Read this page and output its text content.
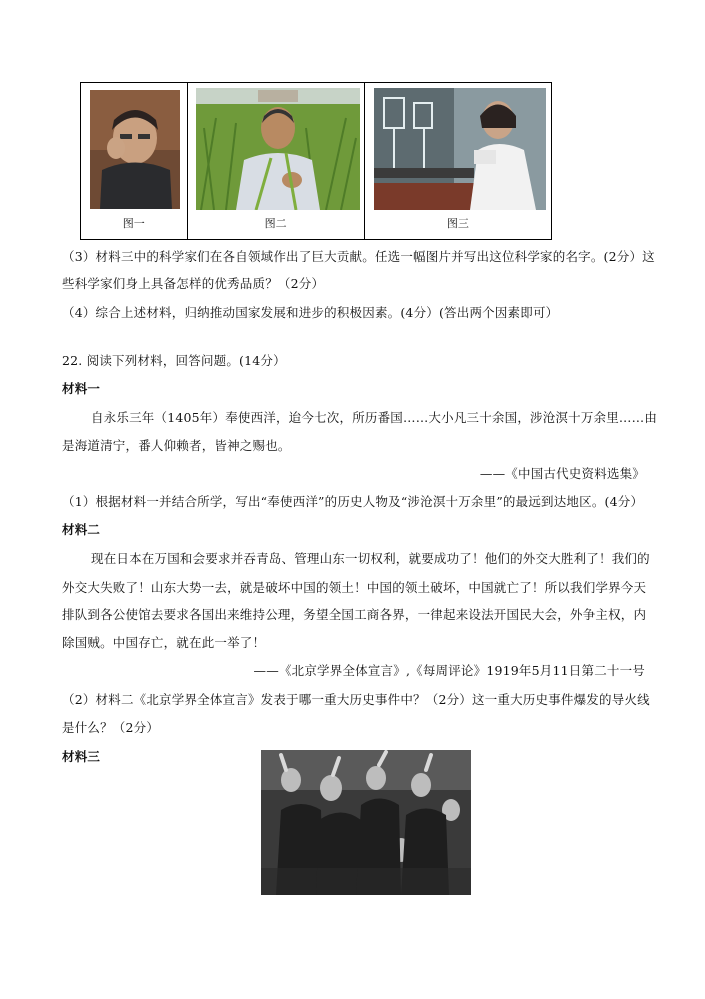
图一	图二	图三
（3）材料三中的科学家们在各自领域作出了巨大贡献。任选一幅图片并写出这位科学家的名字。(2分）这
些科学家们身上具备怎样的优秀品质？（2分）
（4）综合上述材料，归纳推动国家发展和进步的积极因素。(4分）(答出两个因素即可）
22. 阅读下列材料，回答问题。(14分）
材料一
自永乐三年（1405年）奉使西洋，迨今七次，所历番国……大小凡三十余国，涉沧溟十万余里……由
是海道清宁，番人仰赖者，皆神之赐也。
——《中国古代史资料选集》
（1）根据材料一并结合所学，写出“奉使西洋”的历史人物及“涉沧溟十万余里”的最远到达地区。(4分）
材料二
现在日本在万国和会要求并吞青岛、管理山东一切权利，就要成功了！他们的外交大胜利了！我们的
外交大失败了！山东大势一去，就是破坏中国的领土！中国的领土破坏，中国就亡了！所以我们学界今天
排队到各公使馆去要求各国出来维持公理，务望全国工商各界，一律起来设法开国民大会，外争主权，内
除国贼。中国存亡，就在此一举了！
——《北京学界全体宣言》,《每周评论》1919年5月11日第二十一号
（2）材料二《北京学界全体宣言》发表于哪一重大历史事件中？（2分）这一重大历史事件爆发的导火线
是什么？（2分）
材料三
